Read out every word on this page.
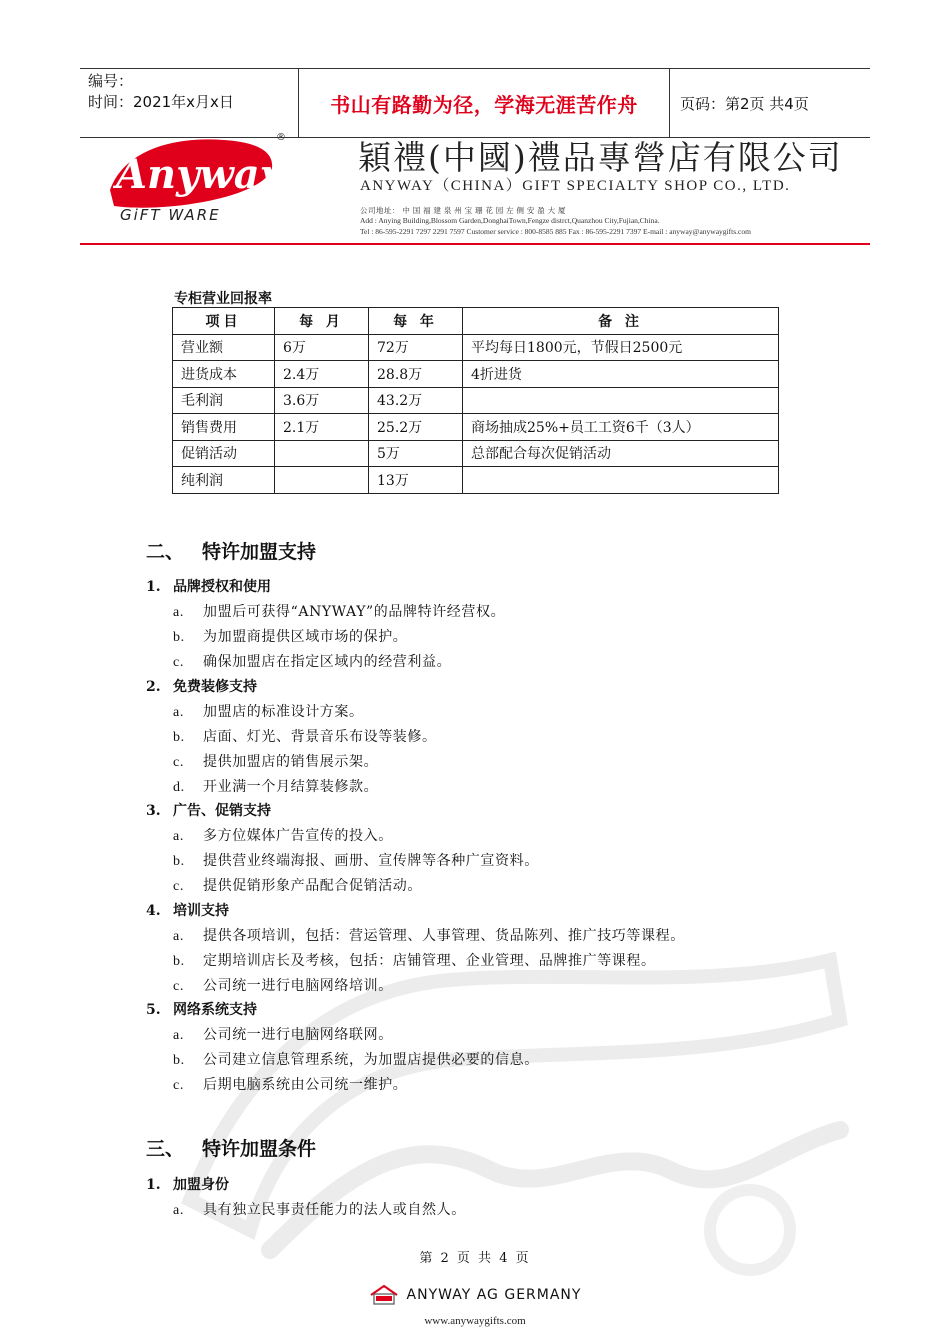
编号：
时间：2021年x月x日	书山有路勤为径，学海无涯苦作舟	页码：第2页 共4页
Anyway
®
GiFT WARE
穎禮(中國)禮品專營店有限公司
ANYWAY（CHINA）GIFT SPECIALTY SHOP CO., LTD.
公司地址： 中 国 福 建 泉 州 宝 珊 花 园 左 侧 安 盈 大 厦
Add : Anying Building,Blossom Garden,DonghaiTown,Fengze distrct,Quanzhou City,Fujian,China.
Tel : 86-595-2291 7297 2291 7597 Customer service : 800-8585 885 Fax : 86-595-2291 7397 E-mail : anyway@anywaygifts.com
专柜营业回报率
项目	每 月	每 年	备 注
营业额	6万	72万	平均每日1800元，节假日2500元
进货成本	2.4万	28.8万	4折进货
毛利润	3.6万	43.2万	
销售费用	2.1万	25.2万	商场抽成25%+员工工资6千（3人）
促销活动		5万	总部配合每次促销活动
纯利润		13万	
二、 特许加盟支持
1. 品牌授权和使用
a. 加盟后可获得“ANYWAY”的品牌特许经营权。
b. 为加盟商提供区域市场的保护。
c. 确保加盟店在指定区域内的经营利益。
2. 免费装修支持
a. 加盟店的标准设计方案。
b. 店面、灯光、背景音乐布设等装修。
c. 提供加盟店的销售展示架。
d. 开业满一个月结算装修款。
3. 广告、促销支持
a. 多方位媒体广告宣传的投入。
b. 提供营业终端海报、画册、宣传牌等各种广宣资料。
c. 提供促销形象产品配合促销活动。
4. 培训支持
a. 提供各项培训，包括：营运管理、人事管理、货品陈列、推广技巧等课程。
b. 定期培训店长及考核，包括：店铺管理、企业管理、品牌推广等课程。
c. 公司统一进行电脑网络培训。
5. 网络系统支持
a. 公司统一进行电脑网络联网。
b. 公司建立信息管理系统，为加盟店提供必要的信息。
c. 后期电脑系统由公司统一维护。
三、 特许加盟条件
1. 加盟身份
a. 具有独立民事责任能力的法人或自然人。
第 2 页 共 4 页
ANYWAY AG GERMANY
www.anywaygifts.com
